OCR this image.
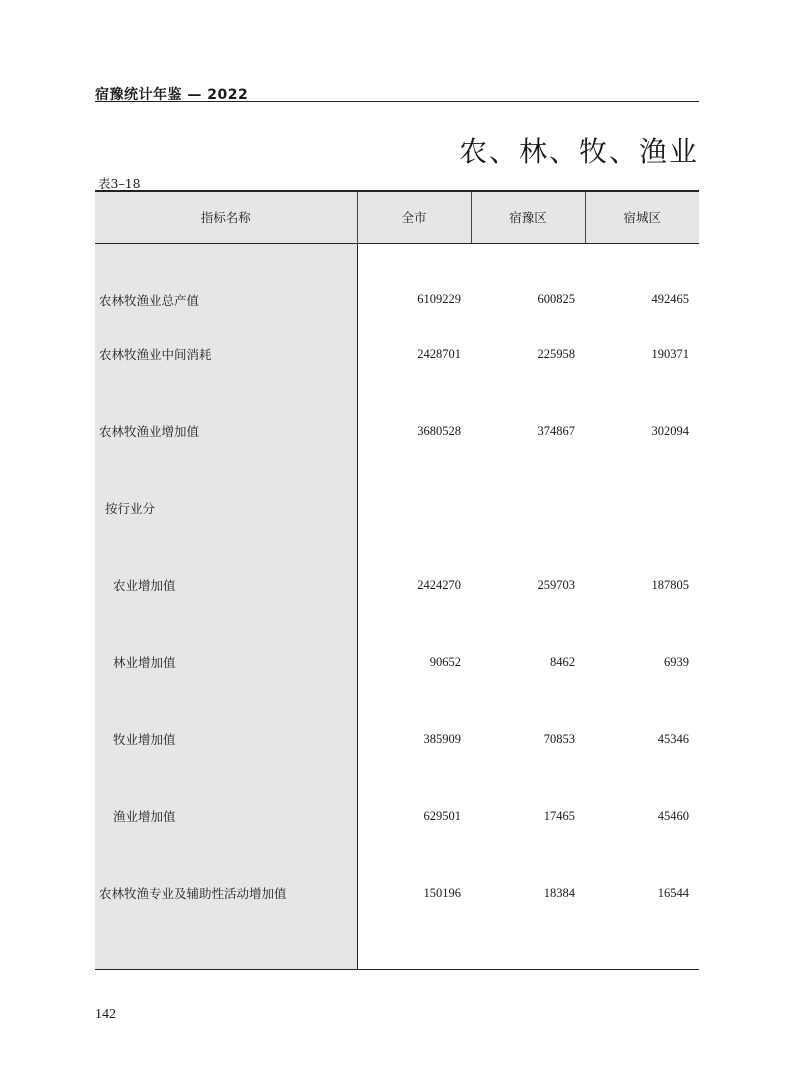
宿豫统计年鉴 — 2022
农、林、牧、渔业
表3–18
指标名称	全市	宿豫区	宿城区

农林牧渔业总产值	6109229	600825	492465
农林牧渔业中间消耗	2428701	225958	190371
农林牧渔业增加值	3680528	374867	302094
按行业分			
农业增加值	2424270	259703	187805
林业增加值	90652	8462	6939
牧业增加值	385909	70853	45346
渔业增加值	629501	17465	45460
农林牧渔专业及辅助性活动增加值	150196	18384	16544

142
